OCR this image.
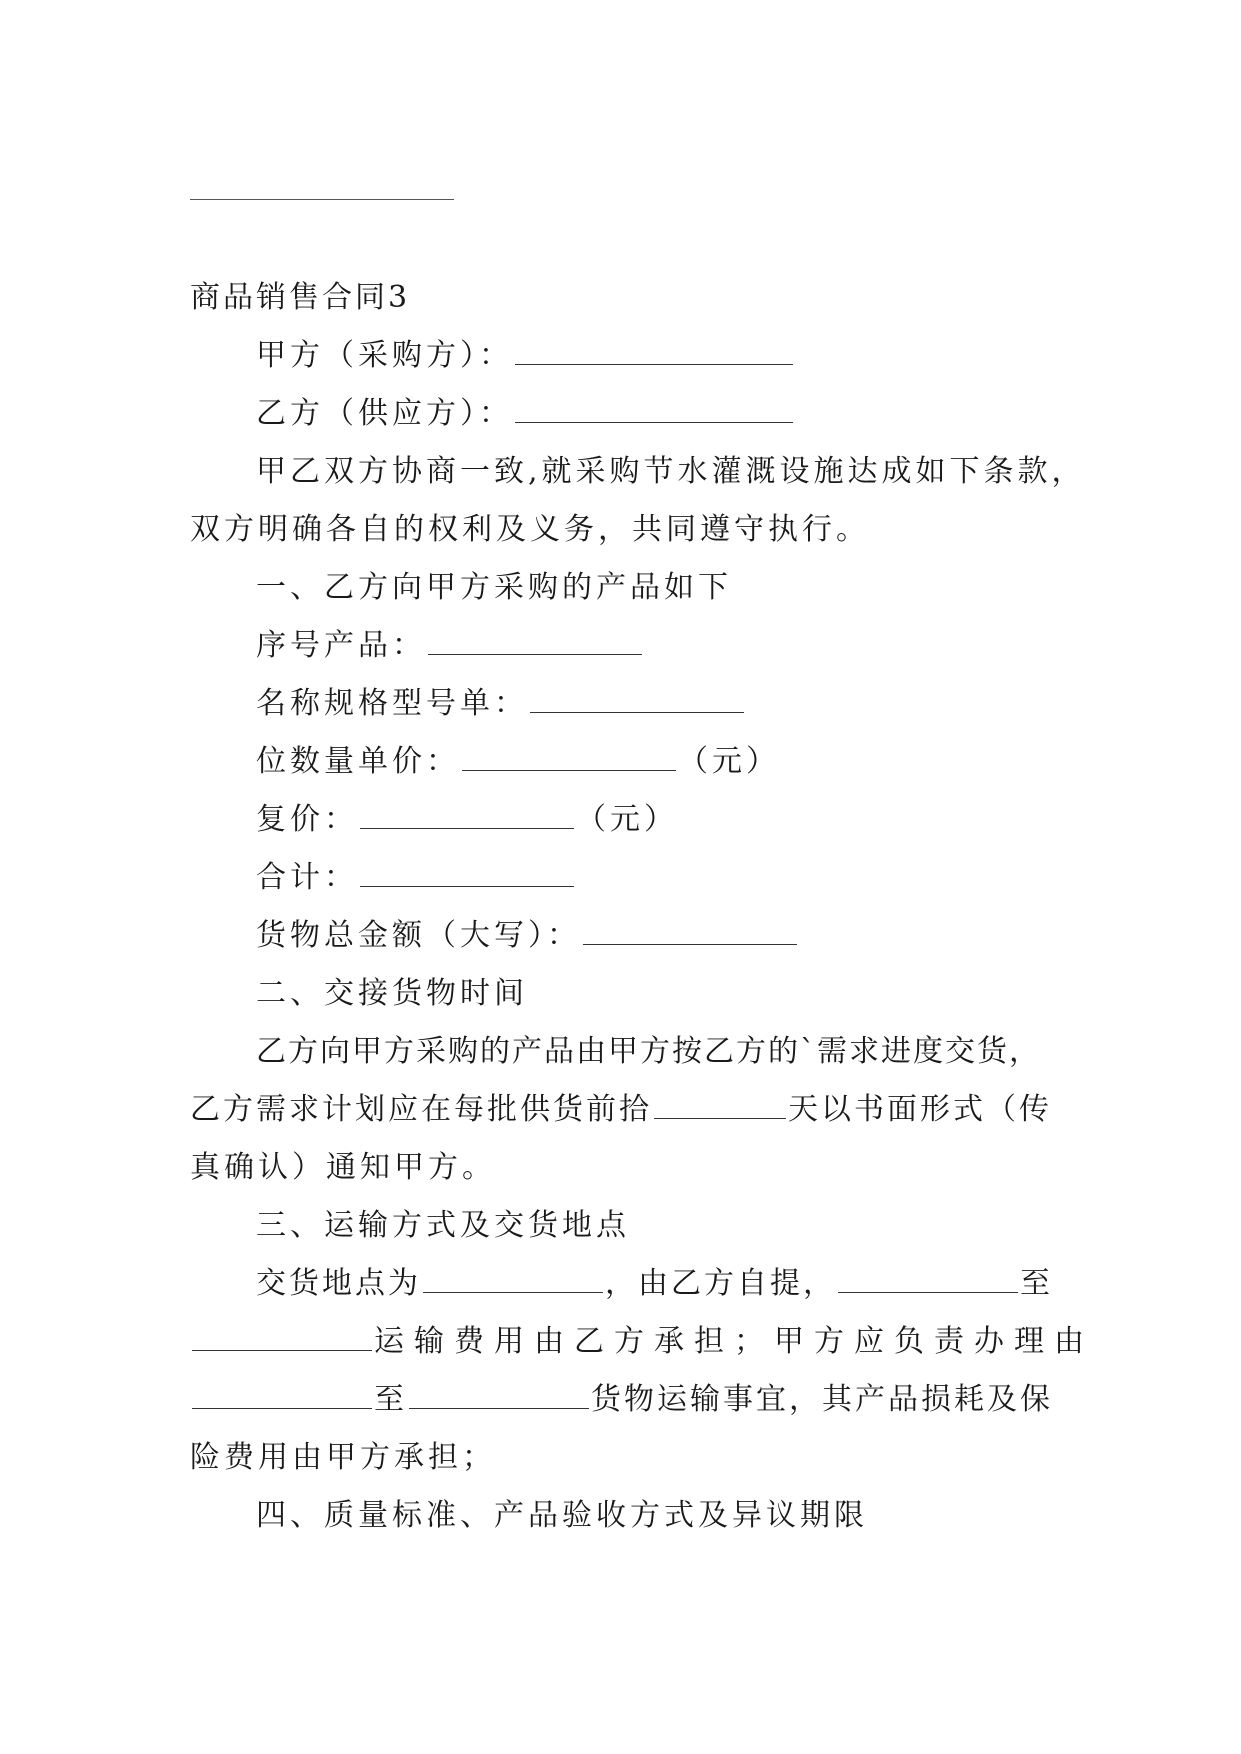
商品销售合同3

甲方（采购方）：

乙方（供应方）：

甲乙双方协商一致,就采购节水灌溉设施达成如下条款，

双方明确各自的权利及义务，共同遵守执行。

一、乙方向甲方采购的产品如下

序号产品：

名称规格型号单：

位数量单价：	（元）

复价：	（元）

合计：

货物总金额（大写）：

二、交接货物时间

乙方向甲方采购的产品由甲方按乙方的`需求进度交货，

乙方需求计划应在每批供货前拾	天以书面形式（传

真确认）通知甲方。

三、运输方式及交货地点

交货地点为	，由乙方自提，	至

运输费用由乙方承担；甲方应负责办理由

至	货物运输事宜，其产品损耗及保

险费用由甲方承担；

四、质量标准、产品验收方式及异议期限
